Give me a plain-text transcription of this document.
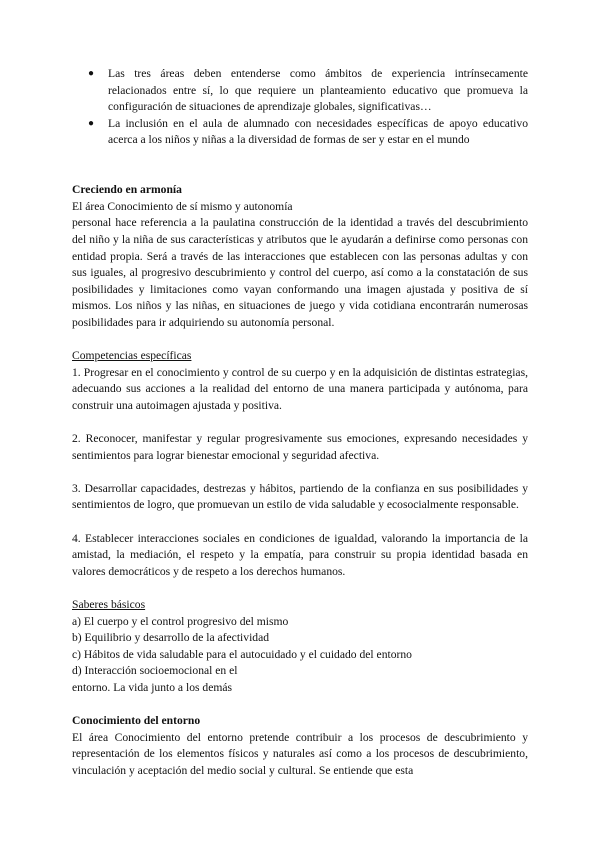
● Las tres áreas deben entenderse como ámbitos de experiencia intrínsecamente relacionados entre sí, lo que requiere un planteamiento educativo que promueva la configuración de situaciones de aprendizaje globales, significativas…
● La inclusión en el aula de alumnado con necesidades específicas de apoyo educativo acerca a los niños y niñas a la diversidad de formas de ser y estar en el mundo

Creciendo en armonía

El área Conocimiento de sí mismo y autonomía

personal hace referencia a la paulatina construcción de la identidad a través del descubrimiento del niño y la niña de sus características y atributos que le ayudarán a definirse como personas con entidad propia. Será a través de las interacciones que establecen con las personas adultas y con sus iguales, al progresivo descubrimiento y control del cuerpo, así como a la constatación de sus posibilidades y limitaciones como vayan conformando una imagen ajustada y positiva de sí mismos. Los niños y las niñas, en situaciones de juego y vida cotidiana encontrarán numerosas posibilidades para ir adquiriendo su autonomía personal.

Competencias específicas

1. Progresar en el conocimiento y control de su cuerpo y en la adquisición de distintas estrategias, adecuando sus acciones a la realidad del entorno de una manera participada y autónoma, para construir una autoimagen ajustada y positiva.

2. Reconocer, manifestar y regular progresivamente sus emociones, expresando necesidades y sentimientos para lograr bienestar emocional y seguridad afectiva.

3. Desarrollar capacidades, destrezas y hábitos, partiendo de la confianza en sus posibilidades y sentimientos de logro, que promuevan un estilo de vida saludable y ecosocialmente responsable.

4. Establecer interacciones sociales en condiciones de igualdad, valorando la importancia de la amistad, la mediación, el respeto y la empatía, para construir su propia identidad basada en valores democráticos y de respeto a los derechos humanos.

Saberes básicos

a) El cuerpo y el control progresivo del mismo

b) Equilibrio y desarrollo de la afectividad

c) Hábitos de vida saludable para el autocuidado y el cuidado del entorno

d) Interacción socioemocional en el

entorno. La vida junto a los demás

Conocimiento del entorno

El área Conocimiento del entorno pretende contribuir a los procesos de descubrimiento y representación de los elementos físicos y naturales así como a los procesos de descubrimiento, vinculación y aceptación del medio social y cultural. Se entiende que esta
